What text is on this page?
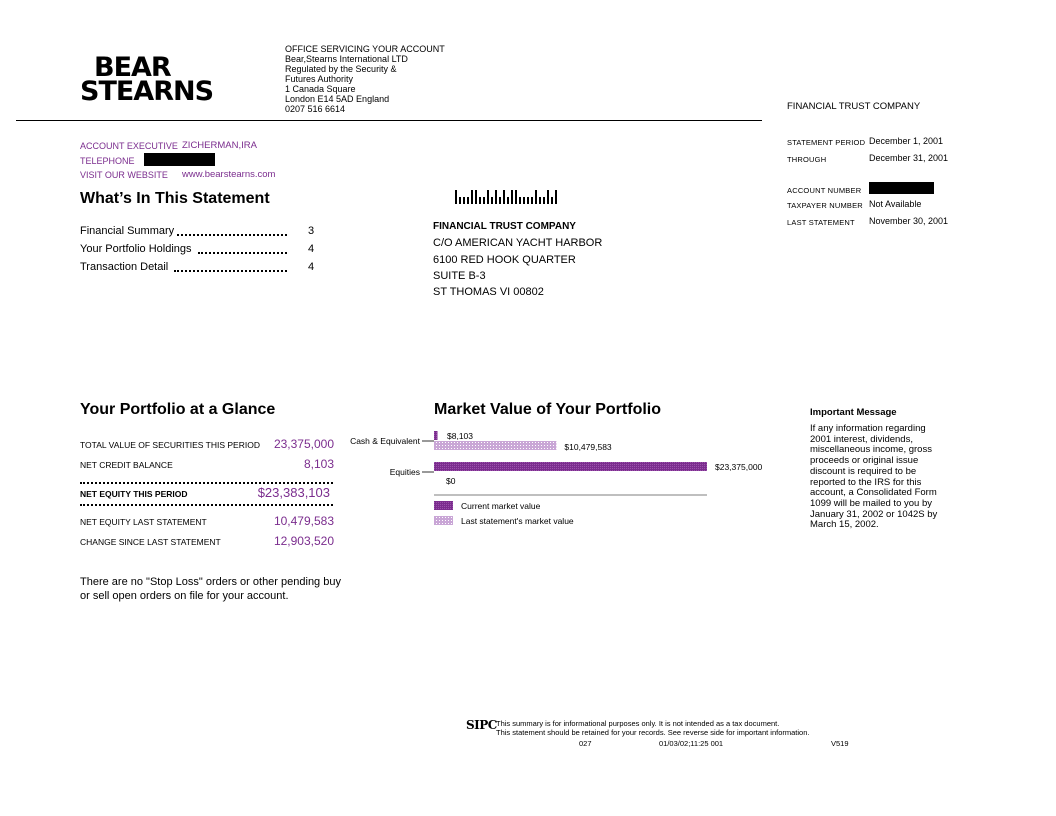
BEAR
STEARNS
OFFICE SERVICING YOUR ACCOUNT
Bear,Stearns International LTD
Regulated by the Security &
Futures Authority
1 Canada Square
London E14 5AD England
0207 516 6614	FINANCIAL TRUST COMPANY
ACCOUNT EXECUTIVE ZICHERMAN,IRA
TELEPHONE
VISIT OUR WEBSITE www.bearstearns.com
STATEMENT PERIOD December 1, 2001
THROUGH	December 31, 2001
ACCOUNT NUMBER
TAXPAYER NUMBER Not Available
LAST STATEMENT November 30, 2001
What’s In This Statement
Financial Summary	3
Your Portfolio Holdings	4
Transaction Detail	4
FINANCIAL TRUST COMPANY
C/O AMERICAN YACHT HARBOR
6100 RED HOOK QUARTER
SUITE B-3
ST THOMAS VI 00802
Your Portfolio at a Glance
TOTAL VALUE OF SECURITIES THIS PERIOD 23,375,000
NET CREDIT BALANCE	8,103
NET EQUITY THIS PERIOD	$23,383,103
NET EQUITY LAST STATEMENT	10,479,583
CHANGE SINCE LAST STATEMENT	12,903,520
There are no "Stop Loss" orders or other pending buy
or sell open orders on file for your account.
Market Value of Your Portfolio
Cash & Equivalent
Equities
$8,103
$10,479,583
$23,375,000
$0
Current market value
Last statement's market value
Important Message
If any information regarding 2001 interest, dividends, miscellaneous income, gross proceeds or original issue discount is required to be reported to the IRS for this account, a Consolidated Form 1099 will be mailed to you by January 31, 2002 or 1042S by March 15, 2002.
SIPC This summary is for informational purposes only. It is not intended as a tax document.
This statement should be retained for your records. See reverse side for important information.
027	01/03/02;11:25 001	V519
